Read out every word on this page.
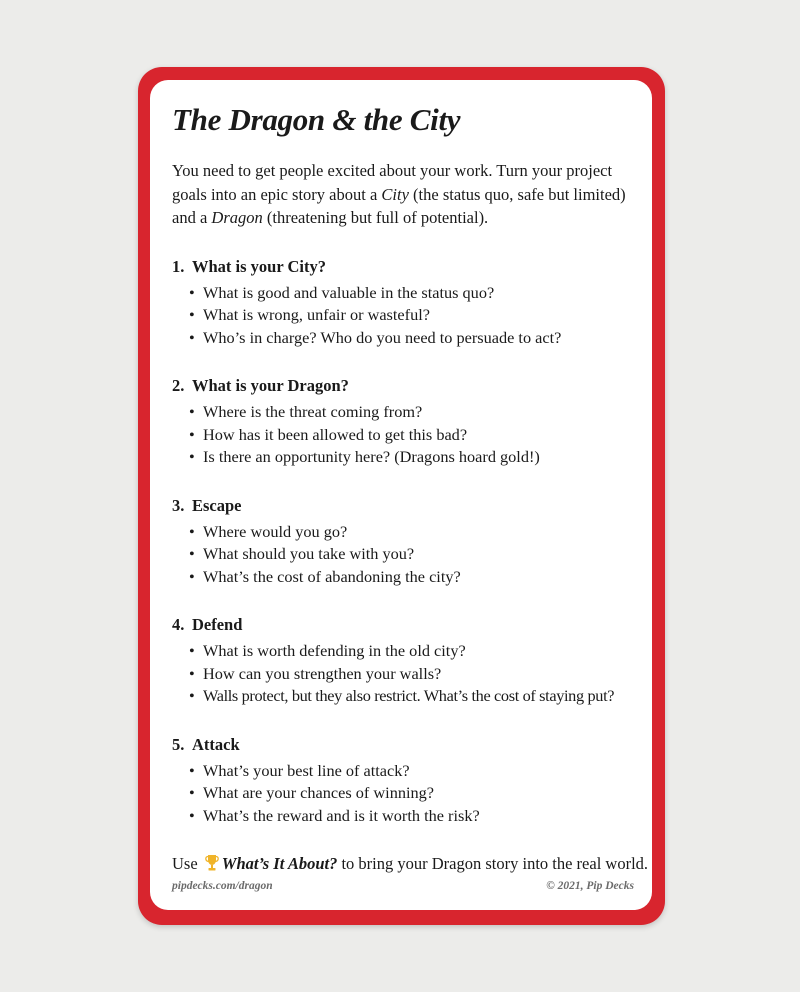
The Dragon & the City
You need to get people excited about your work. Turn your project goals into an epic story about a City (the status quo, safe but limited) and a Dragon (threatening but full of potential).
1. What is your City?
• What is good and valuable in the status quo?
• What is wrong, unfair or wasteful?
• Who’s in charge? Who do you need to persuade to act?
2. What is your Dragon?
• Where is the threat coming from?
• How has it been allowed to get this bad?
• Is there an opportunity here? (Dragons hoard gold!)
3. Escape
• Where would you go?
• What should you take with you?
• What’s the cost of abandoning the city?
4. Defend
• What is worth defending in the old city?
• How can you strengthen your walls?
• Walls protect, but they also restrict. What’s the cost of staying put?
5. Attack
• What’s your best line of attack?
• What are your chances of winning?
• What’s the reward and is it worth the risk?
Use What’s It About? to bring your Dragon story into the real world.
pipdecks.com/dragon	© 2021, Pip Decks
